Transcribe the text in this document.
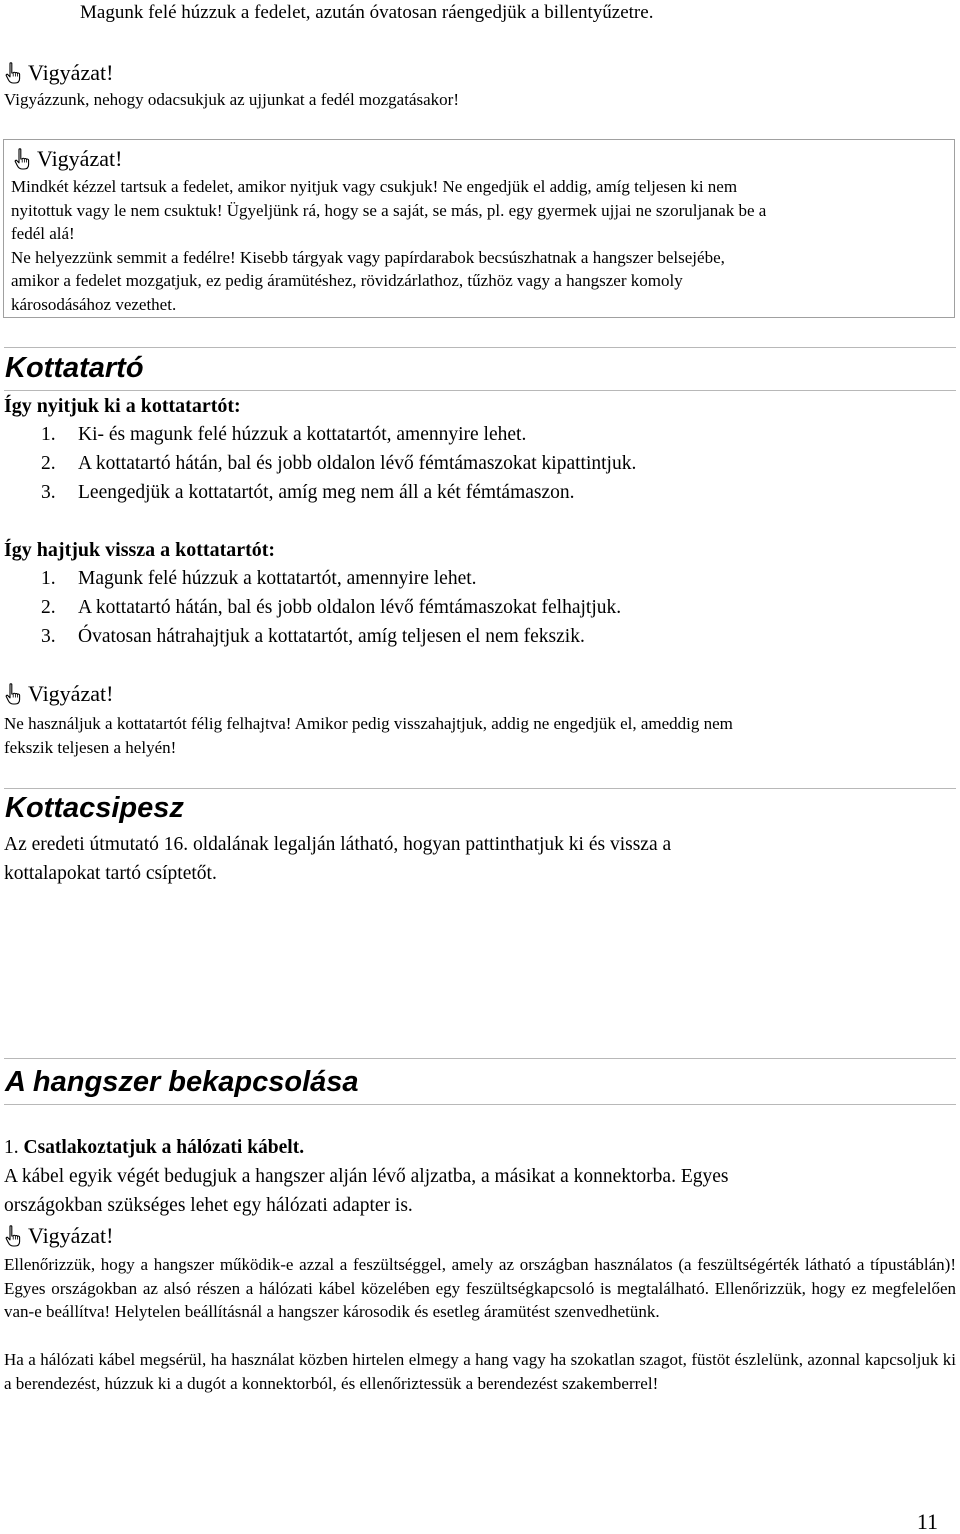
Magunk felé húzzuk a fedelet, azután óvatosan ráengedjük a billentyűzetre.
Vigyázat!
Vigyázzunk, nehogy odacsukjuk az ujjunkat a fedél mozgatásakor!
Vigyázat!
Mindkét kézzel tartsuk a fedelet, amikor nyitjuk vagy csukjuk! Ne engedjük el addig, amíg teljesen ki nem
nyitottuk vagy le nem csuktuk! Ügyeljünk rá, hogy se a saját, se más, pl. egy gyermek ujjai ne szoruljanak be a
fedél alá!
Ne helyezzünk semmit a fedélre! Kisebb tárgyak vagy papírdarabok becsúszhatnak a hangszer belsejébe,
amikor a fedelet mozgatjuk, ez pedig áramütéshez, rövidzárlathoz, tűzhöz vagy a hangszer komoly
károsodásához vezethet.
Kottatartó
Így nyitjuk ki a kottatartót:
1.	Ki- és magunk felé húzzuk a kottatartót, amennyire lehet.
2.	A kottatartó hátán, bal és jobb oldalon lévő fémtámaszokat kipattintjuk.
3.	Leengedjük a kottatartót, amíg meg nem áll a két fémtámaszon.
Így hajtjuk vissza a kottatartót:
1.	Magunk felé húzzuk a kottatartót, amennyire lehet.
2.	A kottatartó hátán, bal és jobb oldalon lévő fémtámaszokat felhajtjuk.
3.	Óvatosan hátrahajtjuk a kottatartót, amíg teljesen el nem fekszik.
Vigyázat!
Ne használjuk a kottatartót félig felhajtva! Amikor pedig visszahajtjuk, addig ne engedjük el, ameddig nem
fekszik teljesen a helyén!
Kottacsipesz
Az eredeti útmutató 16. oldalának legalján látható, hogyan pattinthatjuk ki és vissza a
kottalapokat tartó csíptetőt.
A hangszer bekapcsolása
1. Csatlakoztatjuk a hálózati kábelt.
A kábel egyik végét bedugjuk a hangszer alján lévő aljzatba, a másikat a konnektorba. Egyes
országokban szükséges lehet egy hálózati adapter is.
Vigyázat!
Ellenőrizzük, hogy a hangszer működik-e azzal a feszültséggel, amely az országban használatos (a feszültségérték látható a típustáblán)! Egyes országokban az alsó részen a hálózati kábel közelében egy feszültségkapcsoló is megtalálható. Ellenőrizzük, hogy ez megfelelően van-e beállítva! Helytelen beállításnál a hangszer károsodik és esetleg áramütést szenvedhetünk.
Ha a hálózati kábel megsérül, ha használat közben hirtelen elmegy a hang vagy ha szokatlan szagot, füstöt észlelünk, azonnal kapcsoljuk ki a berendezést, húzzuk ki a dugót a konnektorból, és ellenőriztessük a berendezést szakemberrel!
11
